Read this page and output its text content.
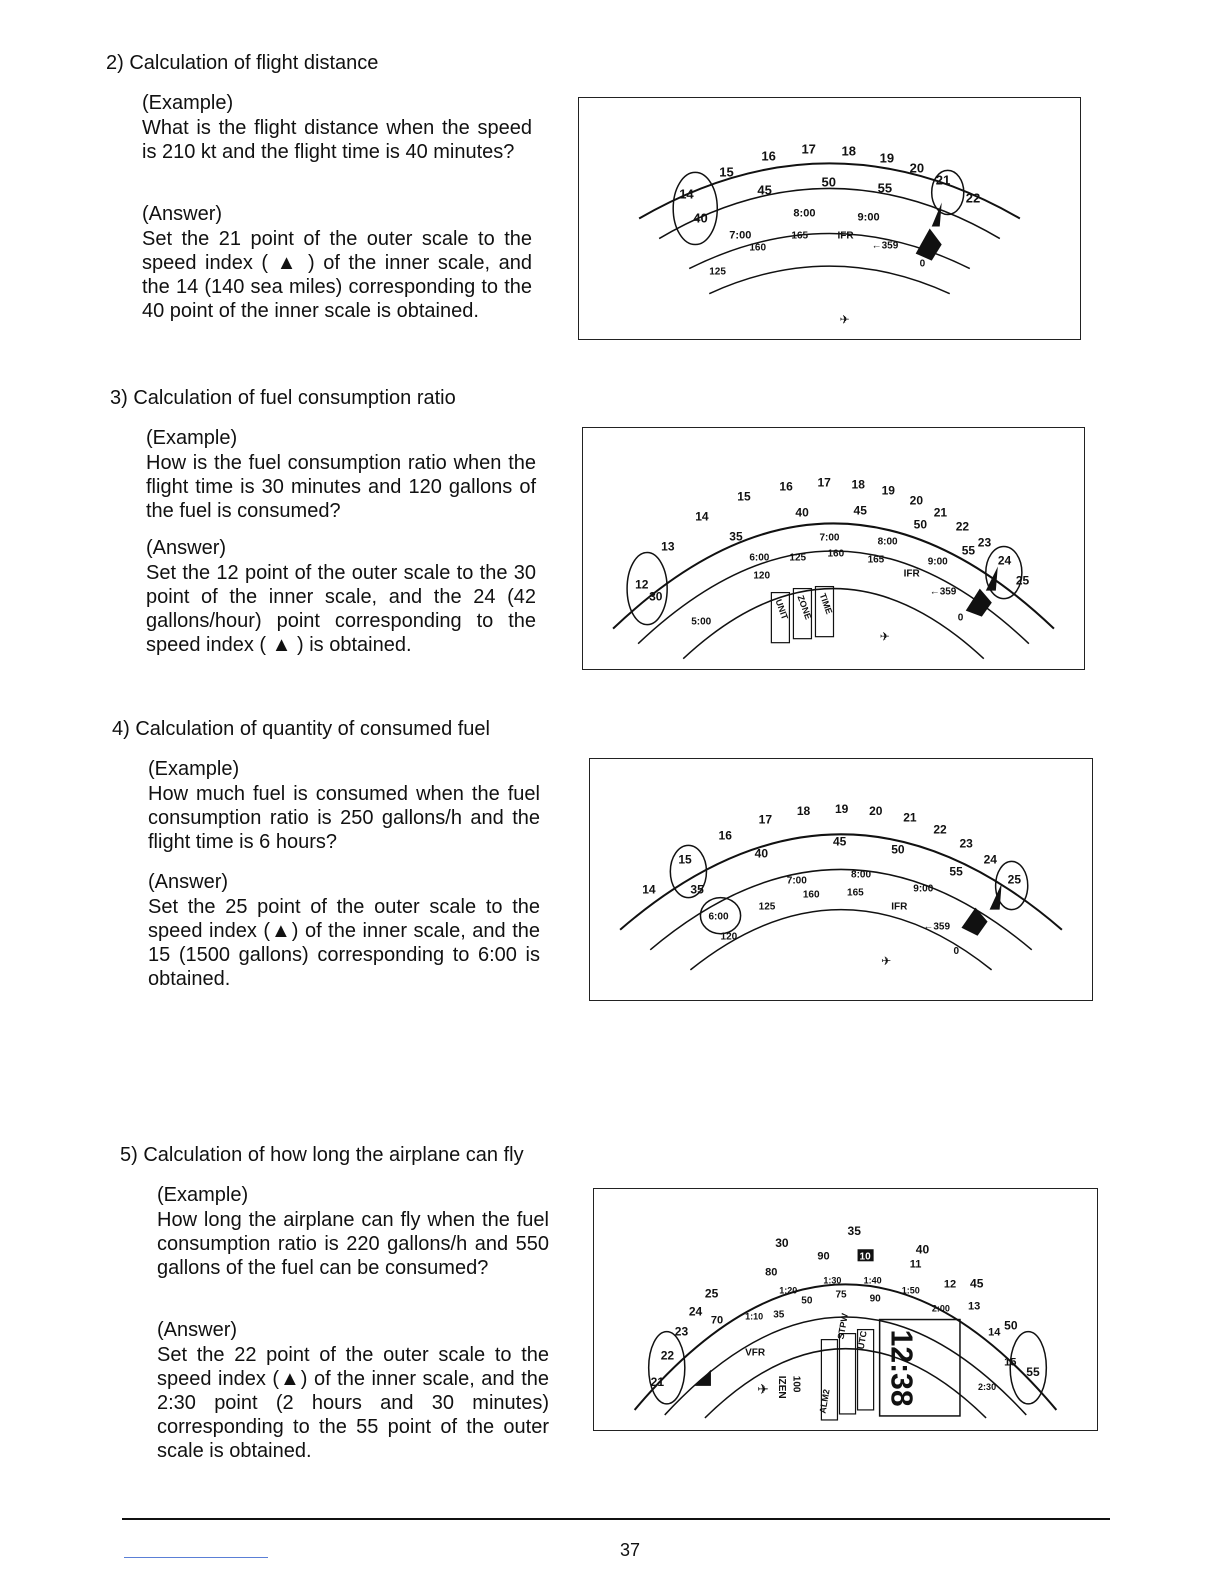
2) Calculation of flight distance
(Example)
What is the flight distance when the speed is 210 kt and the flight time is 40 minutes?
(Answer)
Set the 21 point of the outer scale to the speed index ( ▲ ) of the inner scale, and the 14 (140 sea miles) corresponding to the 40 point of the inner scale is obtained.
14
15
16 17 18 19
20
21
22
40
45
50	55
7:00
8:00	9:00
125
160
165	IFR
←359
0
✈
3) Calculation of fuel consumption ratio
(Example)
How is the fuel consumption ratio when the flight time is 30 minutes and 120 gallons of the fuel is consumed?
(Answer)
Set the 12 point of the outer scale to the 30 point of the inner scale, and the 24 (42 gallons/hour) point corresponding to the speed index ( ▲ ) is obtained.
12
13
14
15
16 17 18 19
20
21
22
23
24
25
30
35
40	45
50
55
5:00
6:00
7:00	8:00
9:00
120
125 160
165
IFR
←359
0
TIME
ZONE
UNIT
✈
4) Calculation of quantity of consumed fuel
(Example)
How much fuel is consumed when the fuel consumption ratio is 250 gallons/h and the flight time is 6 hours?
(Answer)
Set the 25 point of the outer scale to the speed index (▲) of the inner scale, and the 15 (1500 gallons) corresponding to 6:00 is obtained.
14
15
16
17
18 19 20 21
22
23
24
25
35
40
45
50
55
6:00
7:00
8:00
9:00
120
125
160	165
IFR
←359
0
✈
5) Calculation of how long the airplane can fly
(Example)
How long the airplane can fly when the fuel consumption ratio is 220 gallons/h and 550 gallons of the fuel can be consumed?
(Answer)
Set the 22 point of the outer scale to the speed index (▲) of the inner scale, and the 2:30 point (2 hours and 30 minutes) corresponding to the 55 point of the outer scale is obtained.
21
22
23
24
25
30
35
40
45
50
55
70
80
90	10
11
12
13
14
15
1:10
1:20
1:30 1:40
1:50
2:00
2:30
VFR
35
50
75 90
IZEN 100
STPW
ALM2
UTC 12:38
✈
37
